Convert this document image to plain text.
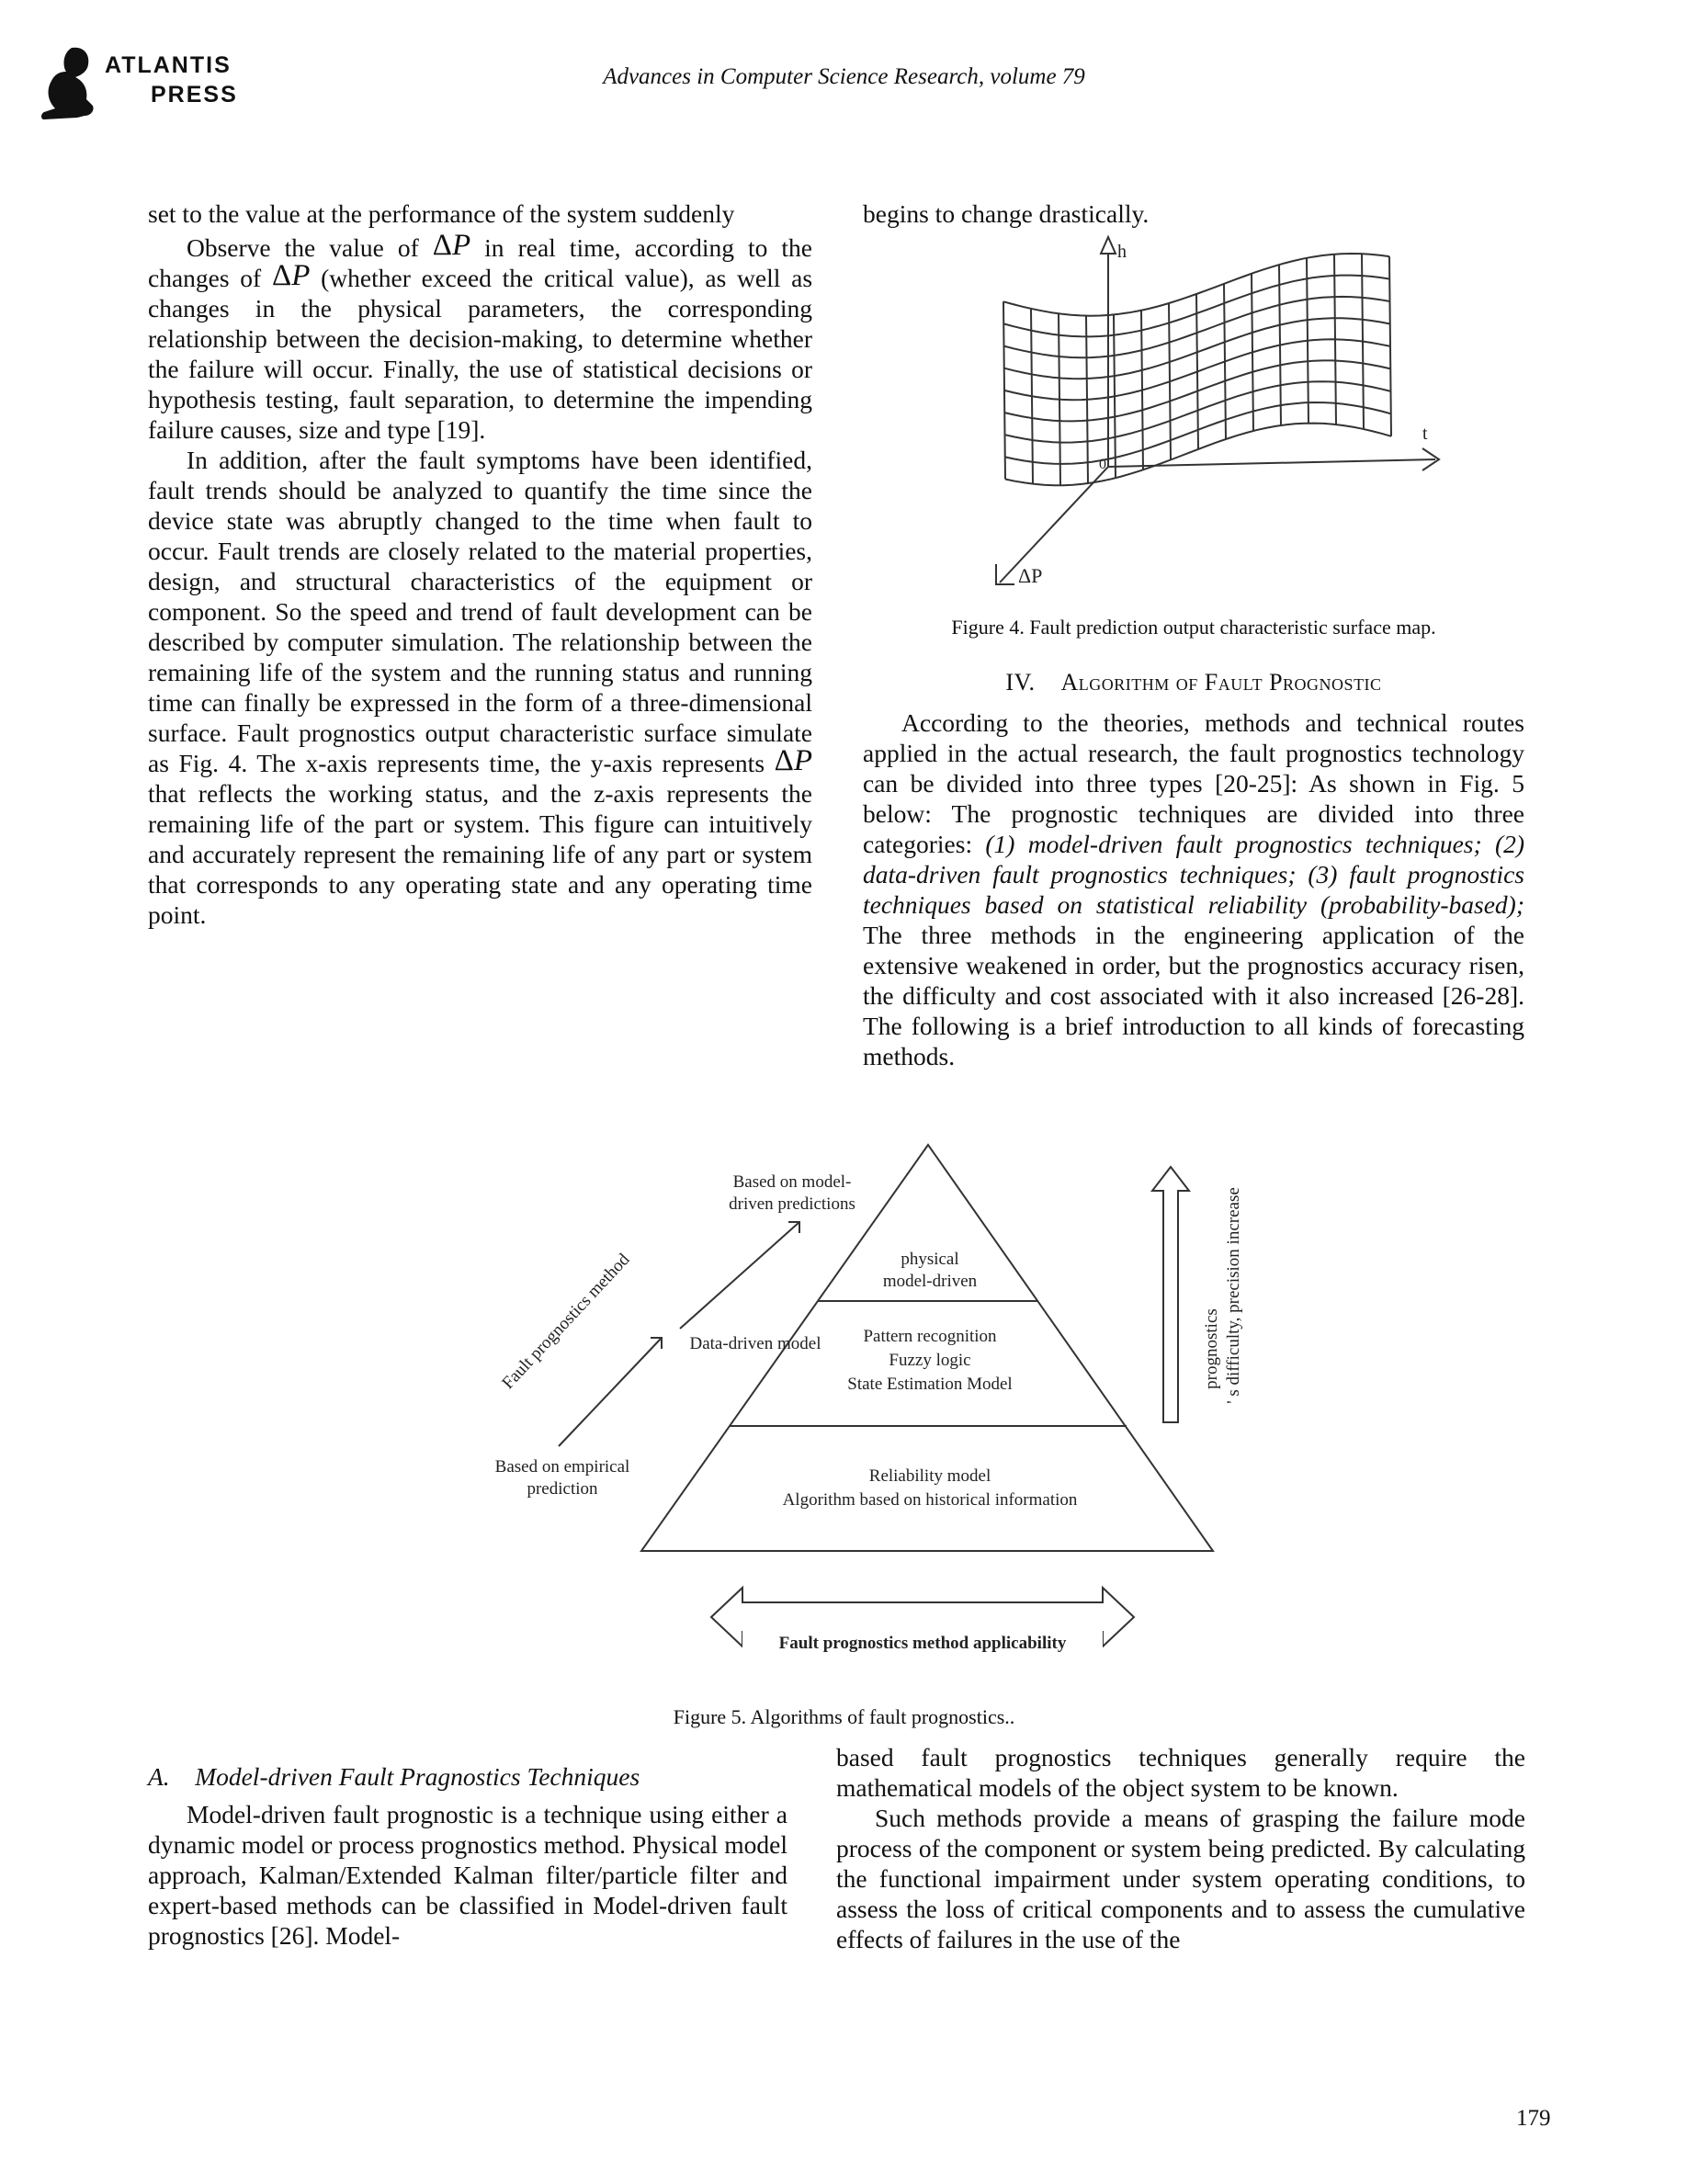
ATLANTIS
PRESS
Advances in Computer Science Research, volume 79

set to the value at the performance of the system suddenly

Observe the value of ΔP in real time, according to the changes of ΔP (whether exceed the critical value), as well as changes in the physical parameters, the corresponding relationship between the decision-making, to determine whether the failure will occur. Finally, the use of statistical decisions or hypothesis testing, fault separation, to determine the impending failure causes, size and type [19].

In addition, after the fault symptoms have been identified, fault trends should be analyzed to quantify the time since the device state was abruptly changed to the time when fault to occur. Fault trends are closely related to the material properties, design, and structural characteristics of the equipment or component. So the speed and trend of fault development can be described by computer simulation. The relationship between the remaining life of the system and the running status and running time can finally be expressed in the form of a three-dimensional surface. Fault prognostics output characteristic surface simulate as Fig. 4. The x-axis represents time, the y-axis represents ΔP that reflects the working status, and the z-axis represents the remaining life of the part or system. This figure can intuitively and accurately represent the remaining life of any part or system that corresponds to any operating state and any operating time point.

begins to change drastically.
h
t
0
ΔP
Figure 4. Fault prediction output characteristic surface map.
IV. Algorithm of Fault Prognostic

According to the theories, methods and technical routes applied in the actual research, the fault prognostics technology can be divided into three types [20-25]: As shown in Fig. 5 below: The prognostic techniques are divided into three categories: (1) model-driven fault prognostics techniques; (2) data-driven fault prognostics techniques; (3) fault prognostics techniques based on statistical reliability (probability-based); The three methods in the engineering application of the extensive weakened in order, but the prognostics accuracy risen, the difficulty and cost associated with it also increased [26-28]. The following is a brief introduction to all kinds of forecasting methods.

physical
model-driven
Pattern recognition
Fuzzy logic
State Estimation Model
Reliability model
Algorithm based on historical information
Based on model-
driven predictions
Data-driven model
Based on empirical
prediction
Fault prognostics method	prognostics ' s difficulty, precision increase
Fault prognostics method applicability
Figure 5. Algorithms of fault prognostics..
A. Model-driven Fault Pragnostics Techniques

Model-driven fault prognostic is a technique using either a dynamic model or process prognostics method. Physical model approach, Kalman/Extended Kalman filter/particle filter and expert-based methods can be classified in Model-driven fault prognostics [26]. Model-

based fault prognostics techniques generally require the mathematical models of the object system to be known.

Such methods provide a means of grasping the failure mode process of the component or system being predicted. By calculating the functional impairment under system operating conditions, to assess the loss of critical components and to assess the cumulative effects of failures in the use of the

179
